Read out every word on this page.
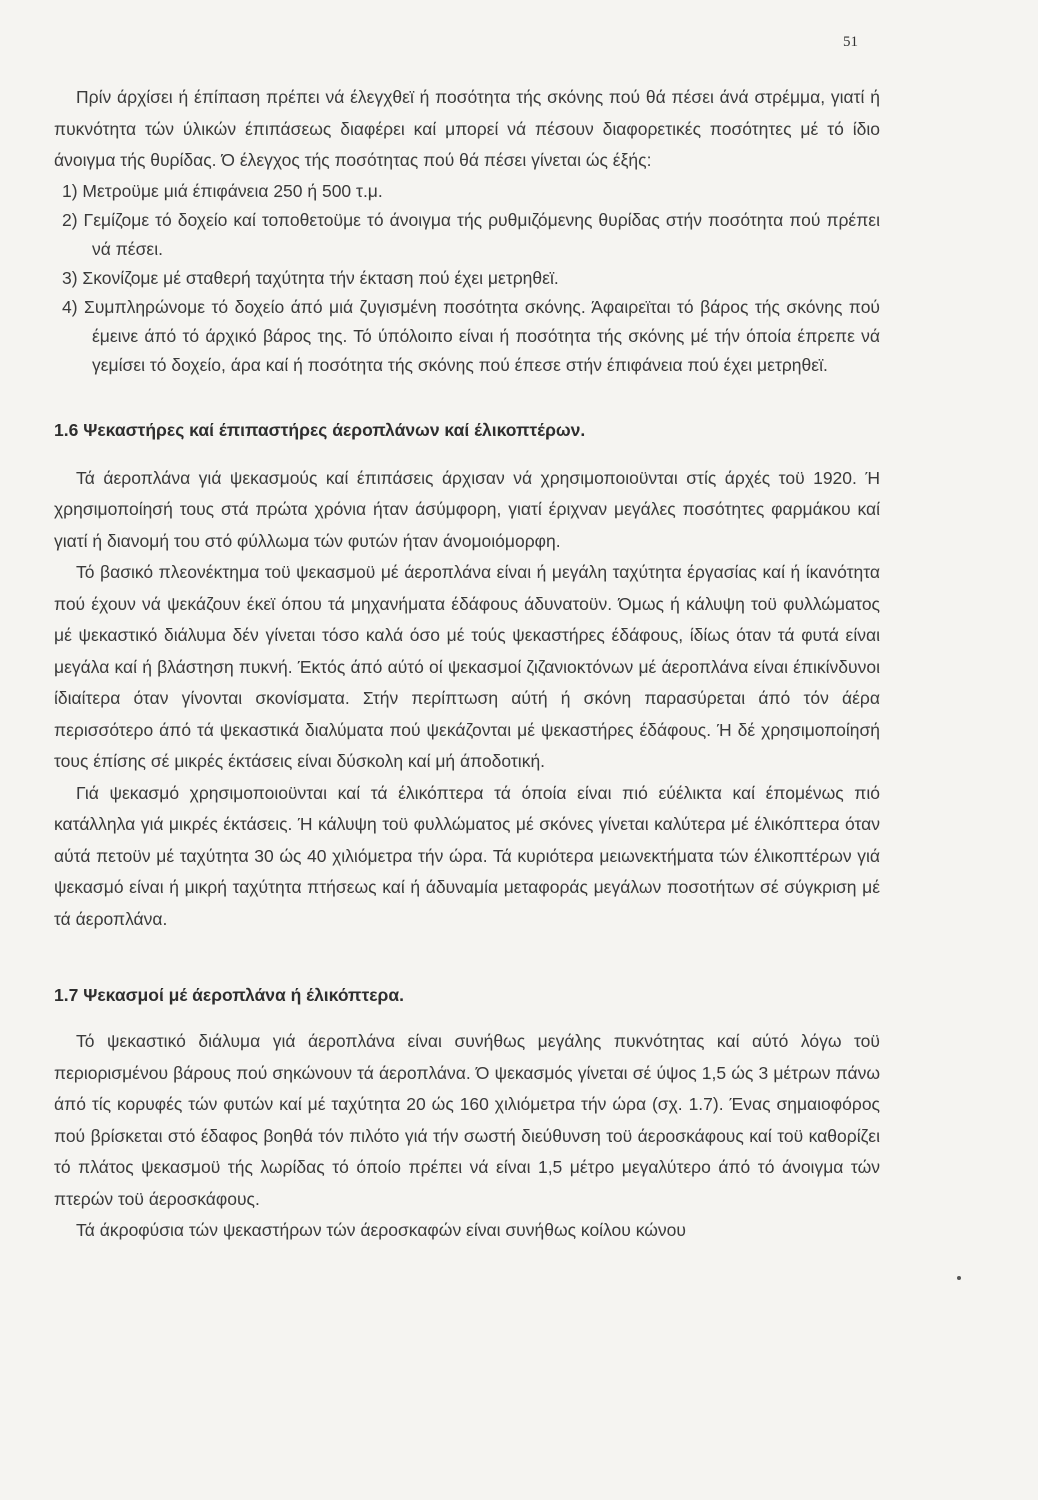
51

Πρίν άρχίσει ή έπίπαση πρέπει νά έλεγχθεϊ ή ποσότητα τής σκόνης πού θά πέσει άνά στρέμμα, γιατί ή πυκνότητα τών ύλικών έπιπάσεως διαφέρει καί μπορεί νά πέσουν διαφορετικές ποσότητες μέ τό ίδιο άνοιγμα τής θυρίδας. Ό έλεγχος τής ποσότητας πού θά πέσει γίνεται ώς έξής:

1) Μετροϋμε μιά έπιφάνεια 250 ή 500 τ.μ.
2) Γεμίζομε τό δοχείο καί τοποθετοϋμε τό άνοιγμα τής ρυθμιζόμενης θυρίδας στήν ποσότητα πού πρέπει νά πέσει.
3) Σκονίζομε μέ σταθερή ταχύτητα τήν έκταση πού έχει μετρηθεϊ.
4) Συμπληρώνομε τό δοχείο άπό μιά ζυγισμένη ποσότητα σκόνης. Άφαιρεϊται τό βάρος τής σκόνης πού έμεινε άπό τό άρχικό βάρος της. Τό ύπόλοιπο είναι ή ποσότητα τής σκόνης μέ τήν όποία έπρεπε νά γεμίσει τό δοχείο, άρα καί ή ποσότητα τής σκόνης πού έπεσε στήν έπιφάνεια πού έχει μετρηθεϊ.
1.6 Ψεκαστήρες καί έπιπαστήρες άεροπλάνων καί έλικοπτέρων.

Τά άεροπλάνα γιά ψεκασμούς καί έπιπάσεις άρχισαν νά χρησιμοποιοϋνται στίς άρχές τοϋ 1920. Ή χρησιμοποίησή τους στά πρώτα χρόνια ήταν άσύμφορη, γιατί έριχναν μεγάλες ποσότητες φαρμάκου καί γιατί ή διανομή του στό φύλλωμα τών φυτών ήταν άνομοιόμορφη.

Τό βασικό πλεονέκτημα τοϋ ψεκασμοϋ μέ άεροπλάνα είναι ή μεγάλη ταχύτητα έργασίας καί ή ίκανότητα πού έχουν νά ψεκάζουν έκεϊ όπου τά μηχανήματα έδάφους άδυνατοϋν. Όμως ή κάλυψη τοϋ φυλλώματος μέ ψεκαστικό διάλυμα δέν γίνεται τόσο καλά όσο μέ τούς ψεκαστήρες έδάφους, ίδίως όταν τά φυτά είναι μεγάλα καί ή βλάστηση πυκνή. Έκτός άπό αύτό οί ψεκασμοί ζιζανιοκτόνων μέ άεροπλάνα είναι έπικίνδυνοι ίδιαίτερα όταν γίνονται σκονίσματα. Στήν περίπτωση αύτή ή σκόνη παρασύρεται άπό τόν άέρα περισσότερο άπό τά ψεκαστικά διαλύματα πού ψεκάζονται μέ ψεκαστήρες έδάφους. Ή δέ χρησιμοποίησή τους έπίσης σέ μικρές έκτάσεις είναι δύσκολη καί μή άποδοτική.

Γιά ψεκασμό χρησιμοποιοϋνται καί τά έλικόπτερα τά όποία είναι πιό εύέλικτα καί έπομένως πιό κατάλληλα γιά μικρές έκτάσεις. Ή κάλυψη τοϋ φυλλώματος μέ σκόνες γίνεται καλύτερα μέ έλικόπτερα όταν αύτά πετοϋν μέ ταχύτητα 30 ώς 40 χιλιόμετρα τήν ώρα. Τά κυριότερα μειωνεκτήματα τών έλικοπτέρων γιά ψεκασμό είναι ή μικρή ταχύτητα πτήσεως καί ή άδυναμία μεταφοράς μεγάλων ποσοτήτων σέ σύγκριση μέ τά άεροπλάνα.

1.7 Ψεκασμοί μέ άεροπλάνα ή έλικόπτερα.

Τό ψεκαστικό διάλυμα γιά άεροπλάνα είναι συνήθως μεγάλης πυκνότητας καί αύτό λόγω τοϋ περιορισμένου βάρους πού σηκώνουν τά άεροπλάνα. Ό ψεκασμός γίνεται σέ ύψος 1,5 ώς 3 μέτρων πάνω άπό τίς κορυφές τών φυτών καί μέ ταχύτητα 20 ώς 160 χιλιόμετρα τήν ώρα (σχ. 1.7). Ένας σημαιοφόρος πού βρίσκεται στό έδαφος βοηθά τόν πιλότο γιά τήν σωστή διεύθυνση τοϋ άεροσκάφους καί τοϋ καθορίζει τό πλάτος ψεκασμοϋ τής λωρίδας τό όποίο πρέπει νά είναι 1,5 μέτρο μεγαλύτερο άπό τό άνοιγμα τών πτερών τοϋ άεροσκάφους.

Τά άκροφύσια τών ψεκαστήρων τών άεροσκαφών είναι συνήθως κοίλου κώνου
